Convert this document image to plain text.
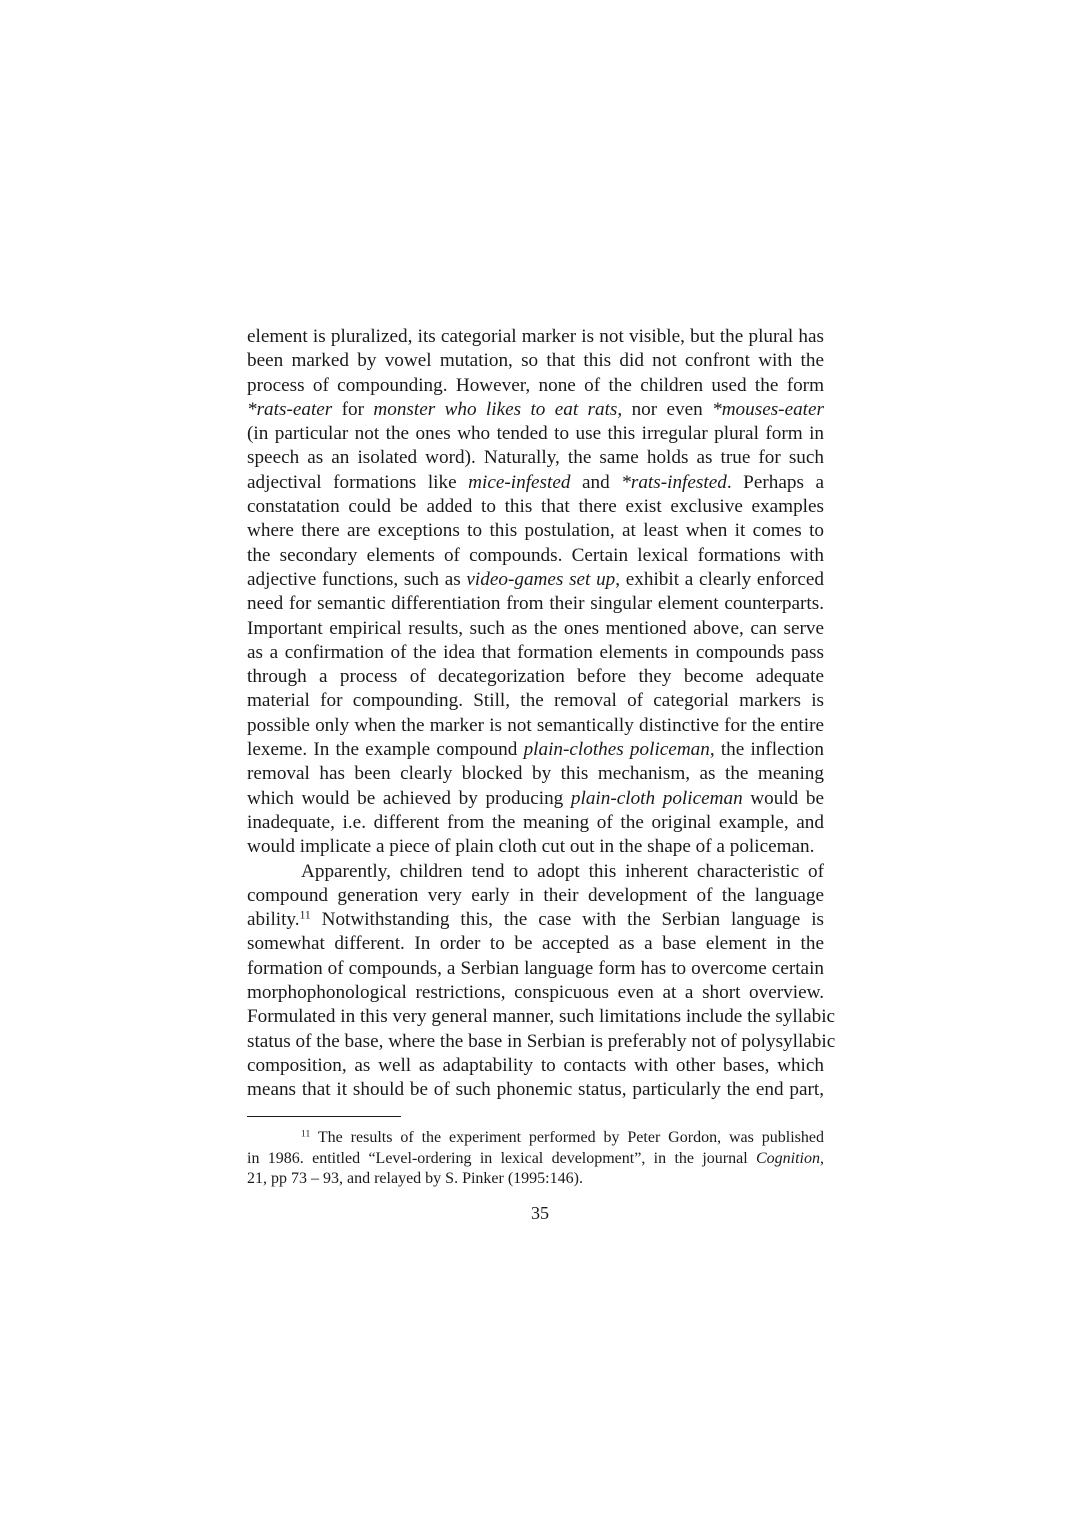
element is pluralized, its categorial marker is not visible, but the plural has
been marked by vowel mutation, so that this did not confront with the
process of compounding. However, none of the children used the form
*rats-eater for monster who likes to eat rats, nor even *mouses-eater
(in particular not the ones who tended to use this irregular plural form in
speech as an isolated word). Naturally, the same holds as true for such
adjectival formations like mice-infested and *rats-infested. Perhaps a
constatation could be added to this that there exist exclusive examples
where there are exceptions to this postulation, at least when it comes to
the secondary elements of compounds. Certain lexical formations with
adjective functions, such as video-games set up, exhibit a clearly enforced
need for semantic differentiation from their singular element counterparts.
Important empirical results, such as the ones mentioned above, can serve
as a confirmation of the idea that formation elements in compounds pass
through a process of decategorization before they become adequate
material for compounding. Still, the removal of categorial markers is
possible only when the marker is not semantically distinctive for the entire
lexeme. In the example compound plain-clothes policeman, the inflection
removal has been clearly blocked by this mechanism, as the meaning
which would be achieved by producing plain-cloth policeman would be
inadequate, i.e. different from the meaning of the original example, and
would implicate a piece of plain cloth cut out in the shape of a policeman.
Apparently, children tend to adopt this inherent characteristic of
compound generation very early in their development of the language
ability.$^{11}$ Notwithstanding this, the case with the Serbian language is
somewhat different. In order to be accepted as a base element in the
formation of compounds, a Serbian language form has to overcome certain
morphophonological restrictions, conspicuous even at a short overview.
Formulated in this very general manner, such limitations include the syllabic
status of the base, where the base in Serbian is preferably not of polysyllabic
composition, as well as adaptability to contacts with other bases, which
means that it should be of such phonemic status, particularly the end part,
$^{11}$ The results of the experiment performed by Peter Gordon, was published
in 1986. entitled “Level-ordering in lexical development”, in the journal Cognition,
21, pp 73 – 93, and relayed by S. Pinker (1995:146).
35
